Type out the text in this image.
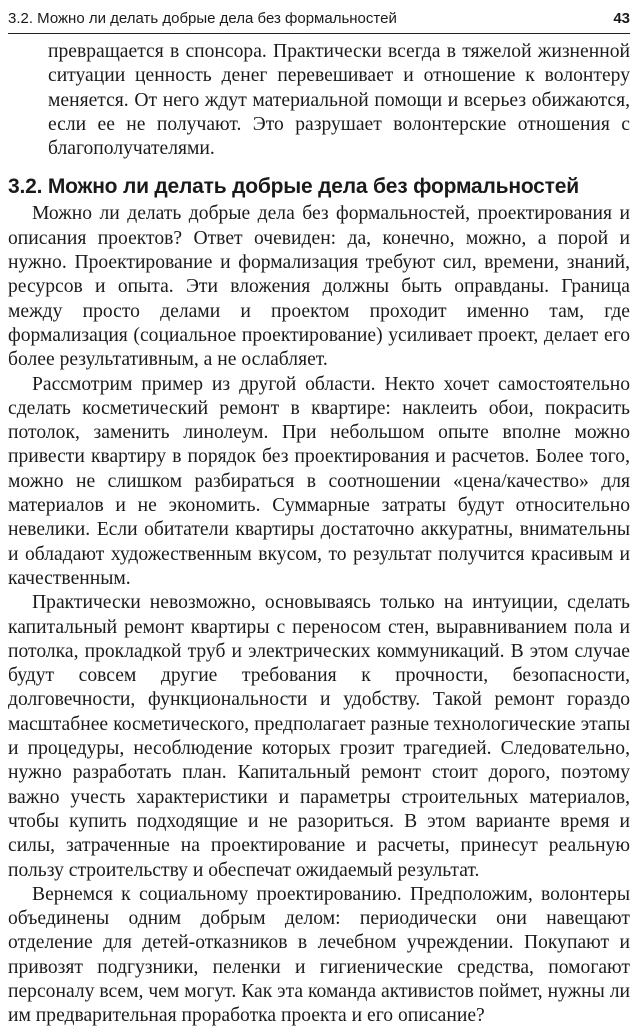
3.2. Можно ли делать добрые дела без формальностей	43

превращается в спонсора. Практически всегда в тяжелой жизненной ситуации ценность денег перевешивает и отношение к волонтеру меняется. От него ждут материальной помощи и всерьез обижаются, если ее не получают. Это разрушает волонтерские отношения с благополучателями.

3.2. Можно ли делать добрые дела без формальностей

Можно ли делать добрые дела без формальностей, проектирования и описания проектов? Ответ очевиден: да, конечно, можно, а порой и нужно. Проектирование и формализация требуют сил, времени, знаний, ресурсов и опыта. Эти вложения должны быть оправданы. Граница между просто делами и проектом проходит именно там, где формализация (социальное проектирование) усиливает проект, делает его более результативным, а не ослабляет.

Рассмотрим пример из другой области. Некто хочет самостоятельно сделать косметический ремонт в квартире: наклеить обои, покрасить потолок, заменить линолеум. При небольшом опыте вполне можно привести квартиру в порядок без проектирования и расчетов. Более того, можно не слишком разбираться в соотношении «цена/качество» для материалов и не экономить. Суммарные затраты будут относительно невелики. Если обитатели квартиры достаточно аккуратны, внимательны и обладают художественным вкусом, то результат получится красивым и качественным.

Практически невозможно, основываясь только на интуиции, сделать капитальный ремонт квартиры с переносом стен, выравниванием пола и потолка, прокладкой труб и электрических коммуникаций. В этом случае будут совсем другие требования к прочности, безопасности, долговечности, функциональности и удобству. Такой ремонт гораздо масштабнее косметического, предполагает разные технологические этапы и процедуры, несоблюдение которых грозит трагедией. Следовательно, нужно разработать план. Капитальный ремонт стоит дорого, поэтому важно учесть характеристики и параметры строительных материалов, чтобы купить подходящие и не разориться. В этом варианте время и силы, затраченные на проектирование и расчеты, принесут реальную пользу строительству и обеспечат ожидаемый результат.

Вернемся к социальному проектированию. Предположим, волонтеры объединены одним добрым делом: периодически они навещают отделение для детей-отказников в лечебном учреждении. Покупают и привозят подгузники, пеленки и гигиенические средства, помогают персоналу всем, чем могут. Как эта команда активистов поймет, нужны ли им предварительная проработка проекта и его описание?
